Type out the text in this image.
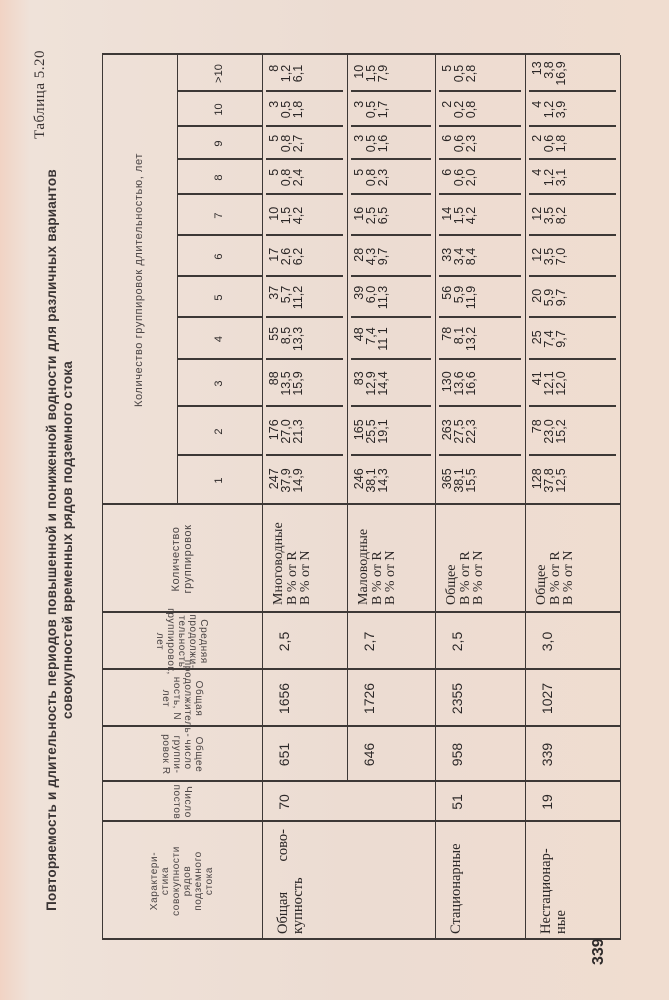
Таблица 5.20
Повторяемость и длительность периодов повышенной и пониженной водности для различных вариантов совокупностей временных рядов подземного стока
Характери- стика совокупности рядов подземного стока
Число постов
Общее число группи-
ровок R
Общая продолжитель-
ность, N лет
Средняя продолжи-
тельность группировок,
лет
Количество группировок
Количество группировок длительностью, лет
1
2
3
4
5
6
7
8
9
10
>10
Общая
сово-
купность
70
651
1656
2,5
Многоводные
В % от R
В % от N
247
37,9
14,9
176
27,0
21,3
88
13,5
15,9
55
8,5
13,3
37
5,7
11,2
17
2,6
6,2
10
1,5
4,2
5
0,8
2,4
5
0,8
2,7
3
0,5
1,8
8
1,2
6,1
646
1726
2,7
Маловодные
В % от R
В % от N
246
38,1
14,3
165
25,5
19,1
83
12,9
14,4
48
7,4
11 1
39
6,0
11,3
28
4,3
9,7
16
2,5
6,5
5
0,8
2,3
3
0,5
1,6
3
0,5
1,7
10
1,5
7,9
Стационарные
51
958
2355
2,5
Общее
В % от R
В % от N
365
38,1
15,5
263
27,5
22,3
130
13,6
16,6
78
8,1
13,2
56
5,9
11,9
33
3,4
8,4
14
1,5
4,2
6
0,6
2,0
6
0,6
2,3
2
0,2
0,8
5
0,5
2,8
Нестационар- ные
19
339
1027
3,0
Общее
В % от R
В % от N
128
37,8
12,5
78
23,0
15,2
41
12,1
12,0
25
7,4
9,7
20
5,9
9,7
12
3,5
7,0
12
3,5
8,2
4
1,2
3,1
2
0,6
1,8
4
1,2
3,9
13
3,8
16,9
339
